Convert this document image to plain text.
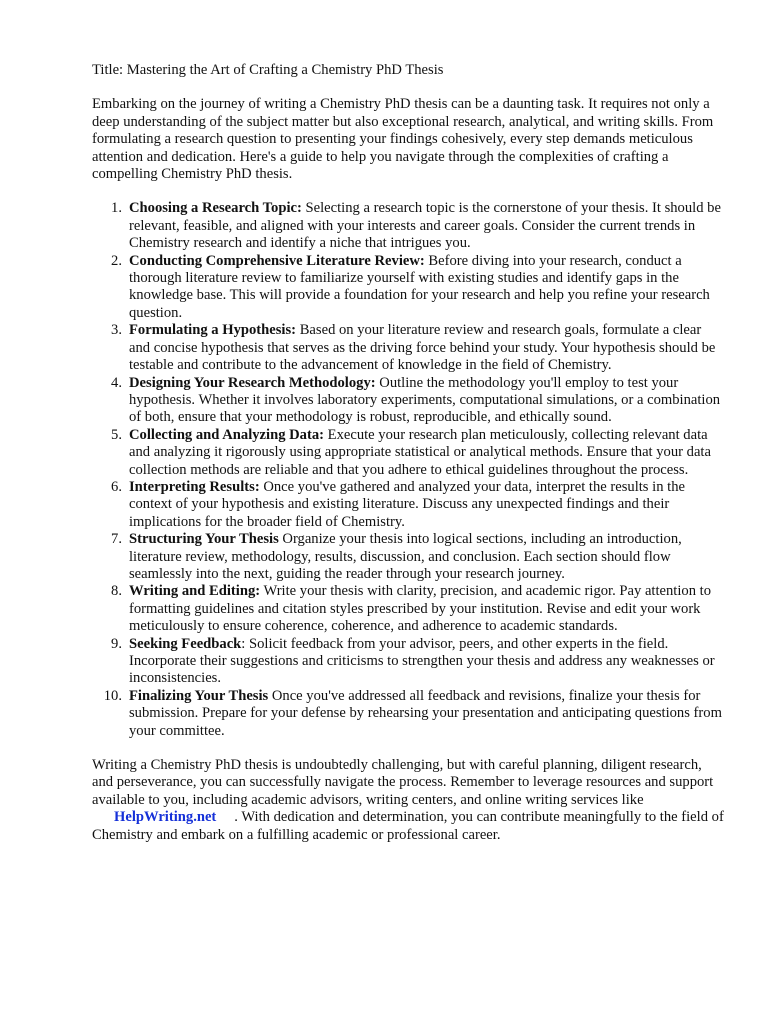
Title: Mastering the Art of Crafting a Chemistry PhD Thesis

Embarking on the journey of writing a Chemistry PhD thesis can be a daunting task. It requires not only a deep understanding of the subject matter but also exceptional research, analytical, and writing skills. From formulating a research question to presenting your findings cohesively, every step demands meticulous attention and dedication. Here's a guide to help you navigate through the complexities of crafting a compelling Chemistry PhD thesis.

1. Choosing a Research Topic: Selecting a research topic is the cornerstone of your thesis. It should be relevant, feasible, and aligned with your interests and career goals. Consider the current trends in Chemistry research and identify a niche that intrigues you.
2. Conducting Comprehensive Literature Review: Before diving into your research, conduct a thorough literature review to familiarize yourself with existing studies and identify gaps in the knowledge base. This will provide a foundation for your research and help you refine your research question.
3. Formulating a Hypothesis: Based on your literature review and research goals, formulate a clear and concise hypothesis that serves as the driving force behind your study. Your hypothesis should be testable and contribute to the advancement of knowledge in the field of Chemistry.
4. Designing Your Research Methodology: Outline the methodology you'll employ to test your hypothesis. Whether it involves laboratory experiments, computational simulations, or a combination of both, ensure that your methodology is robust, reproducible, and ethically sound.
5. Collecting and Analyzing Data: Execute your research plan meticulously, collecting relevant data and analyzing it rigorously using appropriate statistical or analytical methods. Ensure that your data collection methods are reliable and that you adhere to ethical guidelines throughout the process.
6. Interpreting Results: Once you've gathered and analyzed your data, interpret the results in the context of your hypothesis and existing literature. Discuss any unexpected findings and their implications for the broader field of Chemistry.
7. Structuring Your Thesis Organize your thesis into logical sections, including an introduction, literature review, methodology, results, discussion, and conclusion. Each section should flow seamlessly into the next, guiding the reader through your research journey.
8. Writing and Editing: Write your thesis with clarity, precision, and academic rigor. Pay attention to formatting guidelines and citation styles prescribed by your institution. Revise and edit your work meticulously to ensure coherence, coherence, and adherence to academic standards.
9. Seeking Feedback: Solicit feedback from your advisor, peers, and other experts in the field. Incorporate their suggestions and criticisms to strengthen your thesis and address any weaknesses or inconsistencies.
10. Finalizing Your Thesis Once you've addressed all feedback and revisions, finalize your thesis for submission. Prepare for your defense by rehearsing your presentation and anticipating questions from your committee.

Writing a Chemistry PhD thesis is undoubtedly challenging, but with careful planning, diligent research, and perseverance, you can successfully navigate the process. Remember to leverage resources and support available to you, including academic advisors, writing centers, and online writing services likeHelpWriting.net . With dedication and determination, you can contribute meaningfully to the field of Chemistry and embark on a fulfilling academic or professional career.
